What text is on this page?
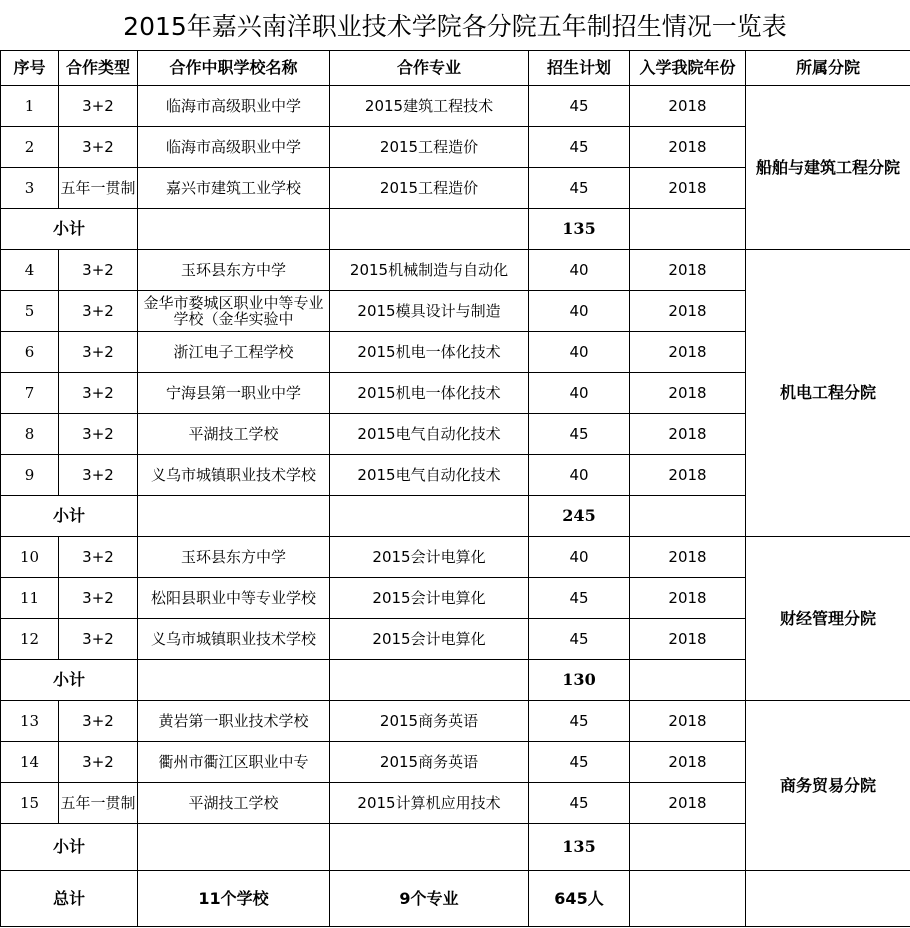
2015年嘉兴南洋职业技术学院各分院五年制招生情况一览表
序号	合作类型	合作中职学校名称	合作专业	招生计划	入学我院年份	所属分院
1	3+2	临海市高级职业中学	2015建筑工程技术	45	2018	船舶与建筑工程分院
2	3+2	临海市高级职业中学	2015工程造价	45	2018	
3	五年一贯制	嘉兴市建筑工业学校	2015工程造价	45	2018	
小计				135		
4	3+2	玉环县东方中学	2015机械制造与自动化	40	2018	机电工程分院
5	3+2	金华市婺城区职业中等专业学校（金华实验中	2015模具设计与制造	40	2018	
6	3+2	浙江电子工程学校	2015机电一体化技术	40	2018	
7	3+2	宁海县第一职业中学	2015机电一体化技术	40	2018	
8	3+2	平湖技工学校	2015电气自动化技术	45	2018	
9	3+2	义乌市城镇职业技术学校	2015电气自动化技术	40	2018	
小计				245		
10	3+2	玉环县东方中学	2015会计电算化	40	2018	财经管理分院
11	3+2	松阳县职业中等专业学校	2015会计电算化	45	2018	
12	3+2	义乌市城镇职业技术学校	2015会计电算化	45	2018	
小计				130		
13	3+2	黄岩第一职业技术学校	2015商务英语	45	2018	商务贸易分院
14	3+2	衢州市衢江区职业中专	2015商务英语	45	2018	
15	五年一贯制	平湖技工学校	2015计算机应用技术	45	2018	
小计				135		
总计		11个学校	9个专业	645人		
